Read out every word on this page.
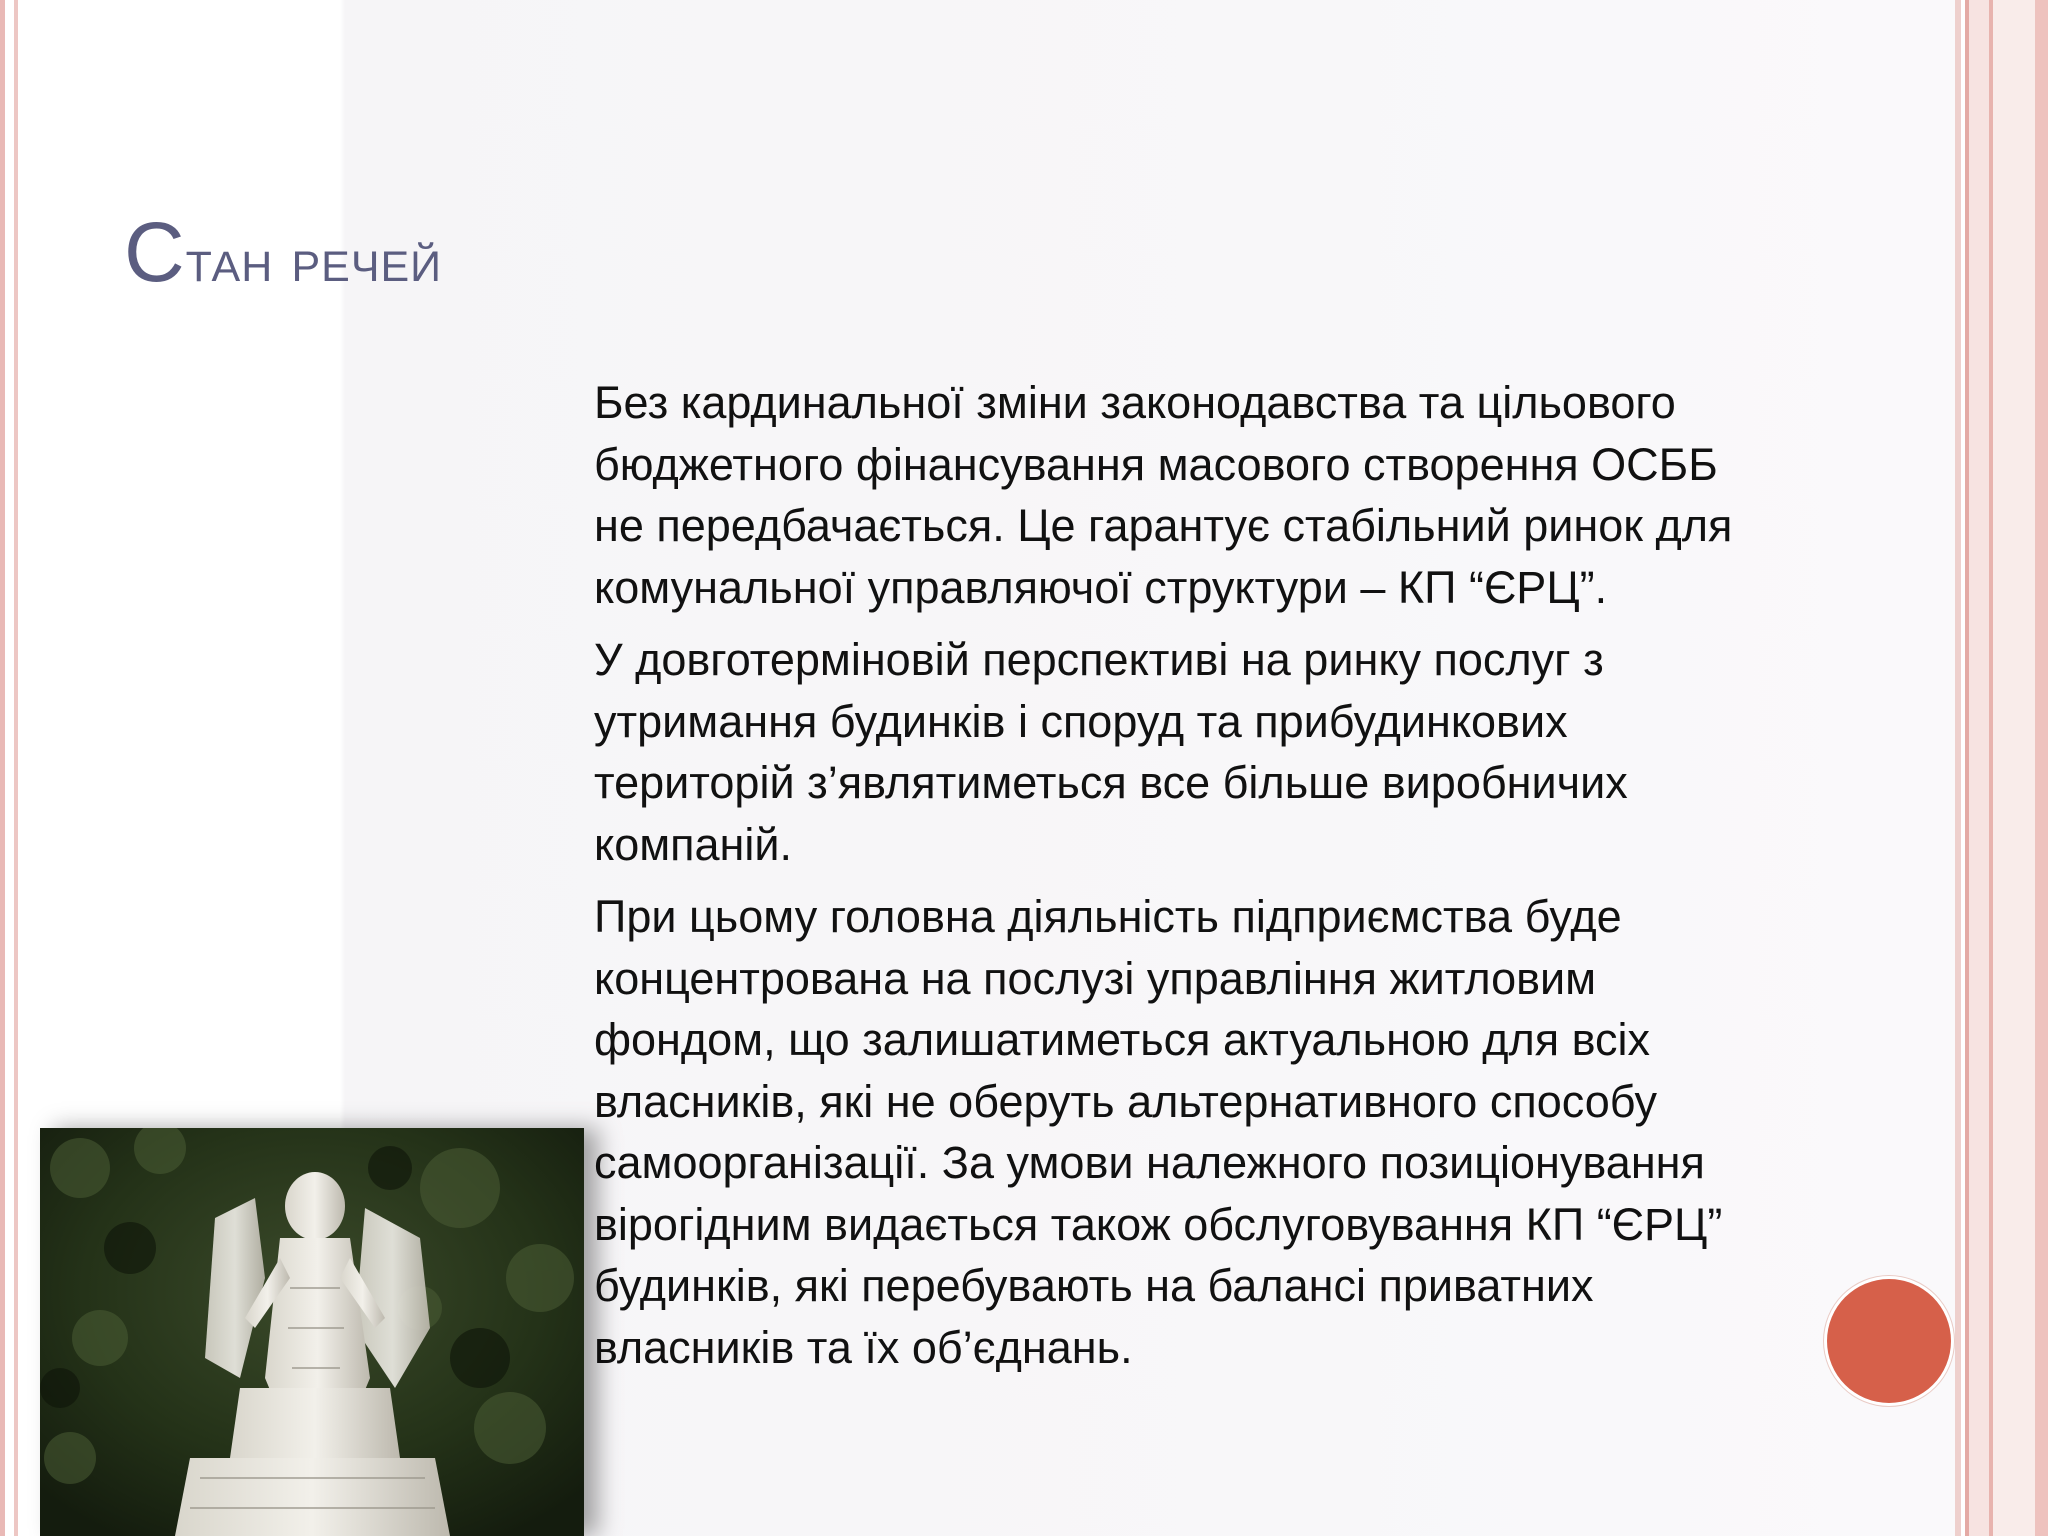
Стан речей

Без кардинальної зміни законодавства та цільового
бюджетного фінансування масового створення ОСББ
не передбачається. Це гарантує стабільний ринок для
комунальної управляючої структури – КП “ЄРЦ”.

У довготерміновій перспективі на ринку послуг з
утримання будинків і споруд та прибудинкових
територій з’являтиметься все більше виробничих
компаній.

При цьому головна діяльність підприємства буде
концентрована на послузі управління житловим
фондом, що залишатиметься актуальною для всіх
власників, які не оберуть альтернативного способу
самоорганізації. За умови належного позиціонування
вірогідним видається також обслуговування КП “ЄРЦ”
будинків, які перебувають на балансі приватних
власників та їх об’єднань.
